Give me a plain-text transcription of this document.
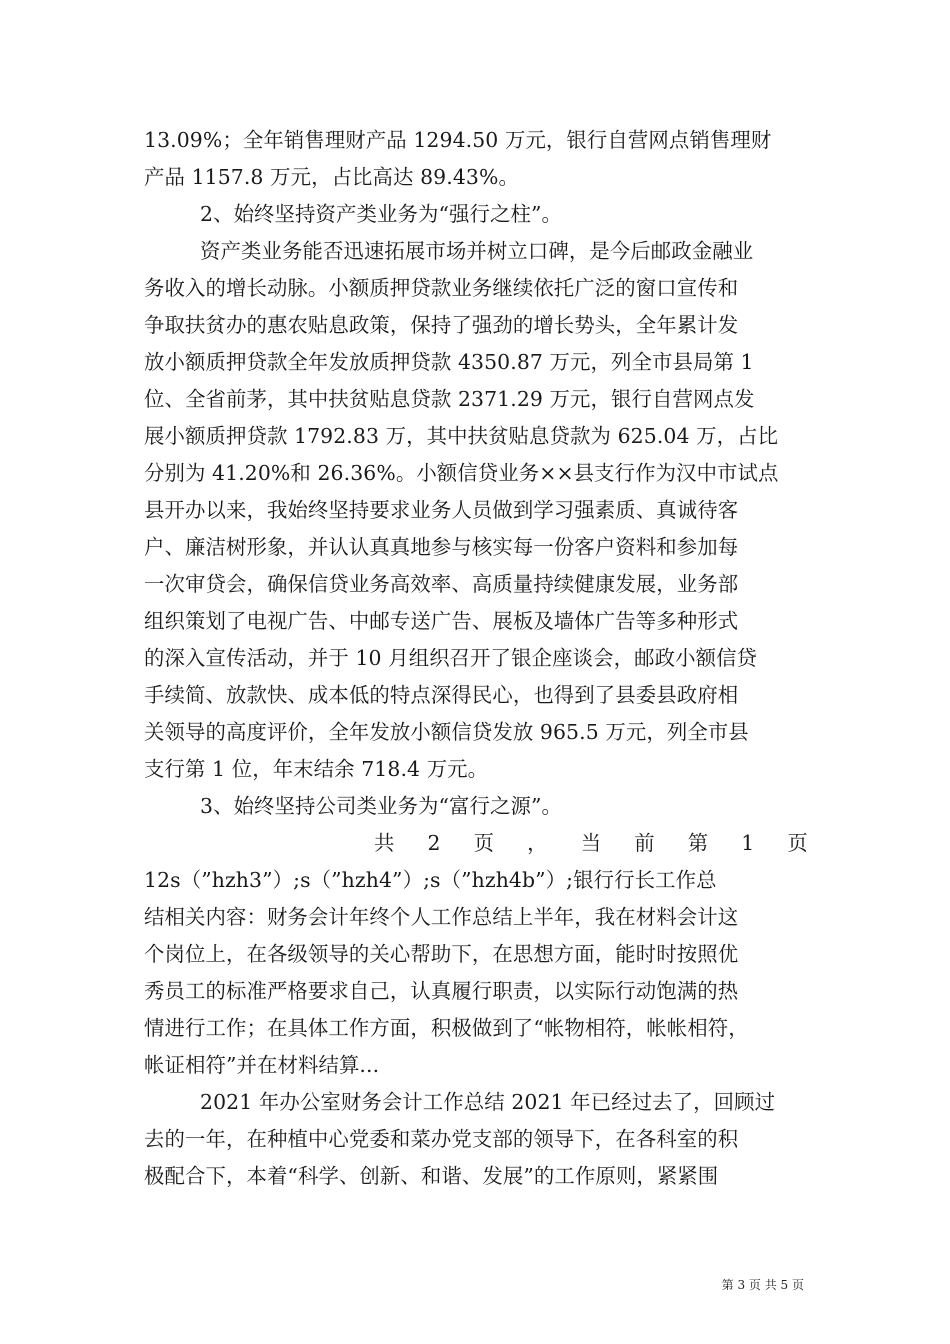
13.09%；全年销售理财产品 1294.50 万元，银行自营网点销售理财
产品 1157.8 万元，占比高达 89.43%。
2、始终坚持资产类业务为“强行之柱”。
资产类业务能否迅速拓展市场并树立口碑，是今后邮政金融业
务收入的增长动脉。小额质押贷款业务继续依托广泛的窗口宣传和
争取扶贫办的惠农贴息政策，保持了强劲的增长势头，全年累计发
放小额质押贷款全年发放质押贷款 4350.87 万元，列全市县局第 1
位、全省前茅，其中扶贫贴息贷款 2371.29 万元，银行自营网点发
展小额质押贷款 1792.83 万，其中扶贫贴息贷款为 625.04 万，占比
分别为 41.20%和 26.36%。小额信贷业务××县支行作为汉中市试点
县开办以来，我始终坚持要求业务人员做到学习强素质、真诚待客
户、廉洁树形象，并认认真真地参与核实每一份客户资料和参加每
一次审贷会，确保信贷业务高效率、高质量持续健康发展，业务部
组织策划了电视广告、中邮专送广告、展板及墙体广告等多种形式
的深入宣传活动，并于 10 月组织召开了银企座谈会，邮政小额信贷
手续简、放款快、成本低的特点深得民心，也得到了县委县政府相
关领导的高度评价，全年发放小额信贷发放 965.5 万元，列全市县
支行第 1 位，年末结余 718.4 万元。
3、始终坚持公司类业务为“富行之源”。
共 2 页 ， 当 前 第 1 页
12s（”hzh3”）;s（”hzh4”）;s（”hzh4b”）;银行行长工作总
结相关内容：财务会计年终个人工作总结上半年，我在材料会计这
个岗位上，在各级领导的关心帮助下，在思想方面，能时时按照优
秀员工的标准严格要求自己，认真履行职责，以实际行动饱满的热
情进行工作；在具体工作方面，积极做到了“帐物相符，帐帐相符，
帐证相符”并在材料结算...
2021 年办公室财务会计工作总结 2021 年已经过去了，回顾过
去的一年，在种植中心党委和菜办党支部的领导下，在各科室的积
极配合下，本着“科学、创新、和谐、发展”的工作原则，紧紧围
第 3 页 共 5 页
